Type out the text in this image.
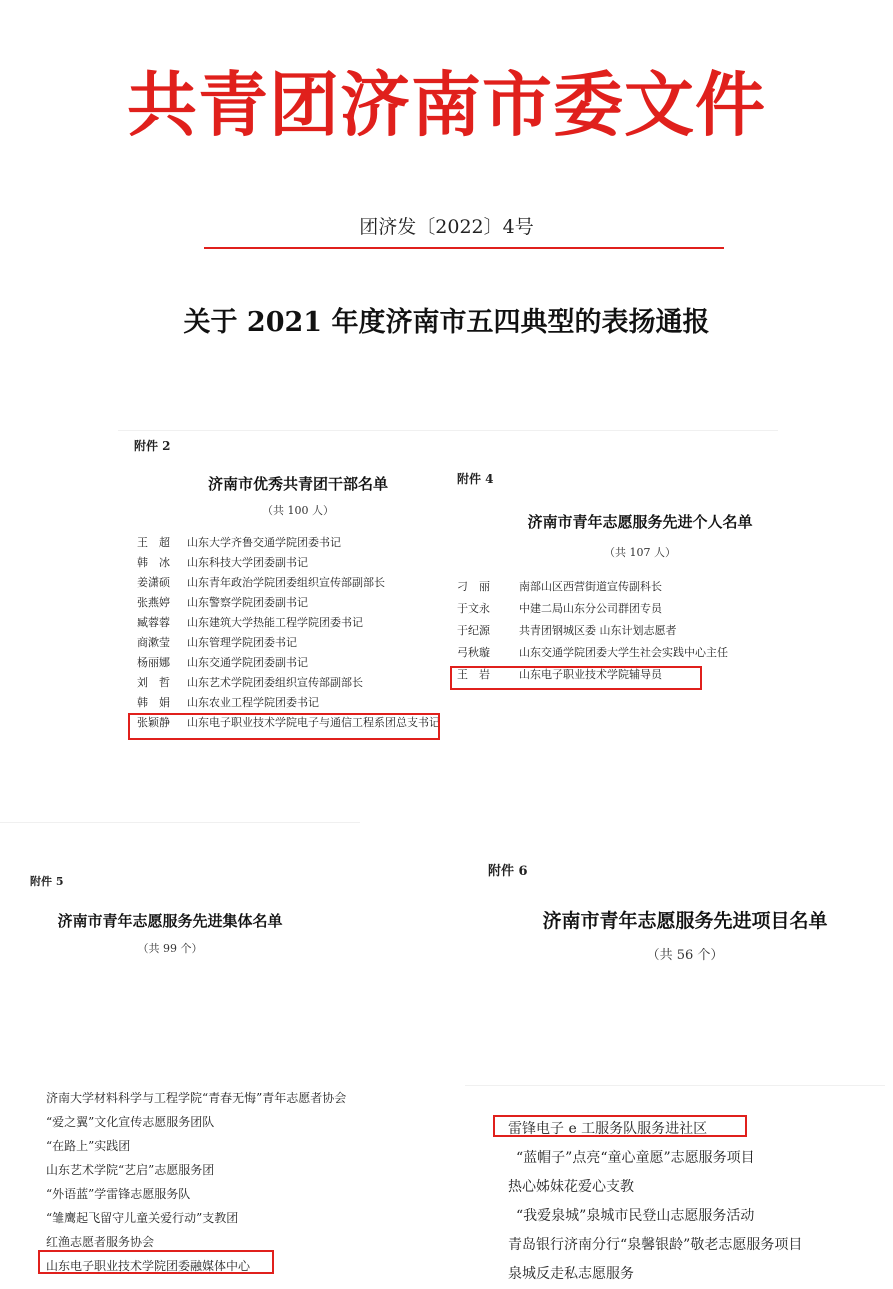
共青团济南市委文件
团济发〔2022〕4号
关于 2021 年度济南市五四典型的表扬通报
附件 2
济南市优秀共青团干部名单
（共 100 人）
王　超 山东大学齐鲁交通学院团委书记
韩　冰 山东科技大学团委副书记
姜潇硕 山东青年政治学院团委组织宣传部副部长
张燕婷 山东警察学院团委副书记
臧蓉蓉 山东建筑大学热能工程学院团委书记
商漱莹 山东管理学院团委书记
杨丽娜 山东交通学院团委副书记
刘　哲 山东艺术学院团委组织宣传部副部长
韩　娟 山东农业工程学院团委书记
张颖静 山东电子职业技术学院电子与通信工程系团总支书记
附件 4
济南市青年志愿服务先进个人名单
（共 107 人）
刁　丽	南部山区西营街道宣传副科长
于文永	中建二局山东分公司群团专员
于纪源	共青团钢城区委 山东计划志愿者
弓秋璇	山东交通学院团委大学生社会实践中心主任
王　岩	山东电子职业技术学院辅导员
附件 5
济南市青年志愿服务先进集体名单
（共 99 个）
济南大学材料科学与工程学院“青春无悔”青年志愿者协会
“爱之翼”文化宣传志愿服务团队
“在路上”实践团
山东艺术学院“艺启”志愿服务团
“外语蓝”学雷锋志愿服务队
“雏鹰起飞留守儿童关爱行动”支教团
红渔志愿者服务协会
山东电子职业技术学院团委融媒体中心
附件 6
济南市青年志愿服务先进项目名单
（共 56 个）
雷锋电子 e 工服务队服务进社区
“蓝帽子”点亮“童心童愿”志愿服务项目
热心姊妹花爱心支教
“我爱泉城”泉城市民登山志愿服务活动
青岛银行济南分行“泉馨银龄”敬老志愿服务项目
泉城反走私志愿服务
